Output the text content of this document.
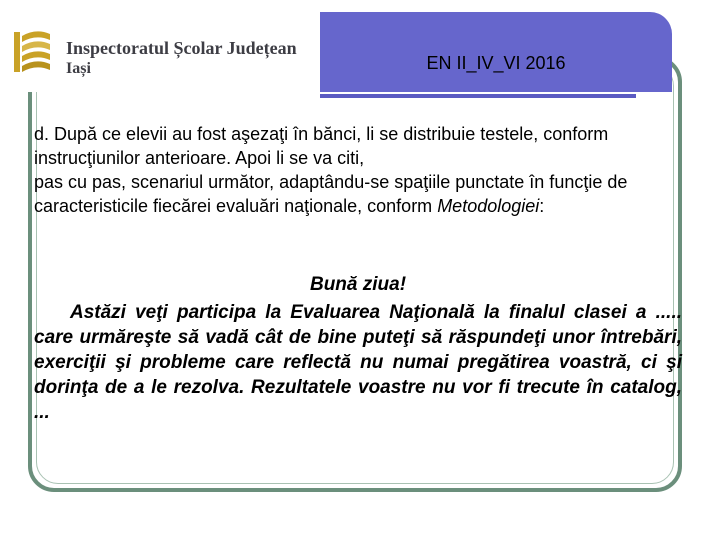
EN II_IV_VI 2016
Inspectoratul Școlar Județean
Iași

d. După ce elevii au fost aşezaţi în bănci, li se distribuie testele, conform instrucţiunilor anterioare. Apoi li se va citi,

pas cu pas, scenariul următor, adaptându-se spaţiile punctate în funcţie de caracteristicile fiecărei evaluări naţionale, conform Metodologiei:

Bună ziua!

Astăzi veţi participa la Evaluarea Naţională la finalul clasei a ..... care urmăreşte să vadă cât de bine puteţi să răspundeţi unor întrebări, exerciţii şi probleme care reflectă nu numai pregătirea voastră, ci şi dorinţa de a le rezolva. Rezultatele voastre nu vor fi trecute în catalog, ...
